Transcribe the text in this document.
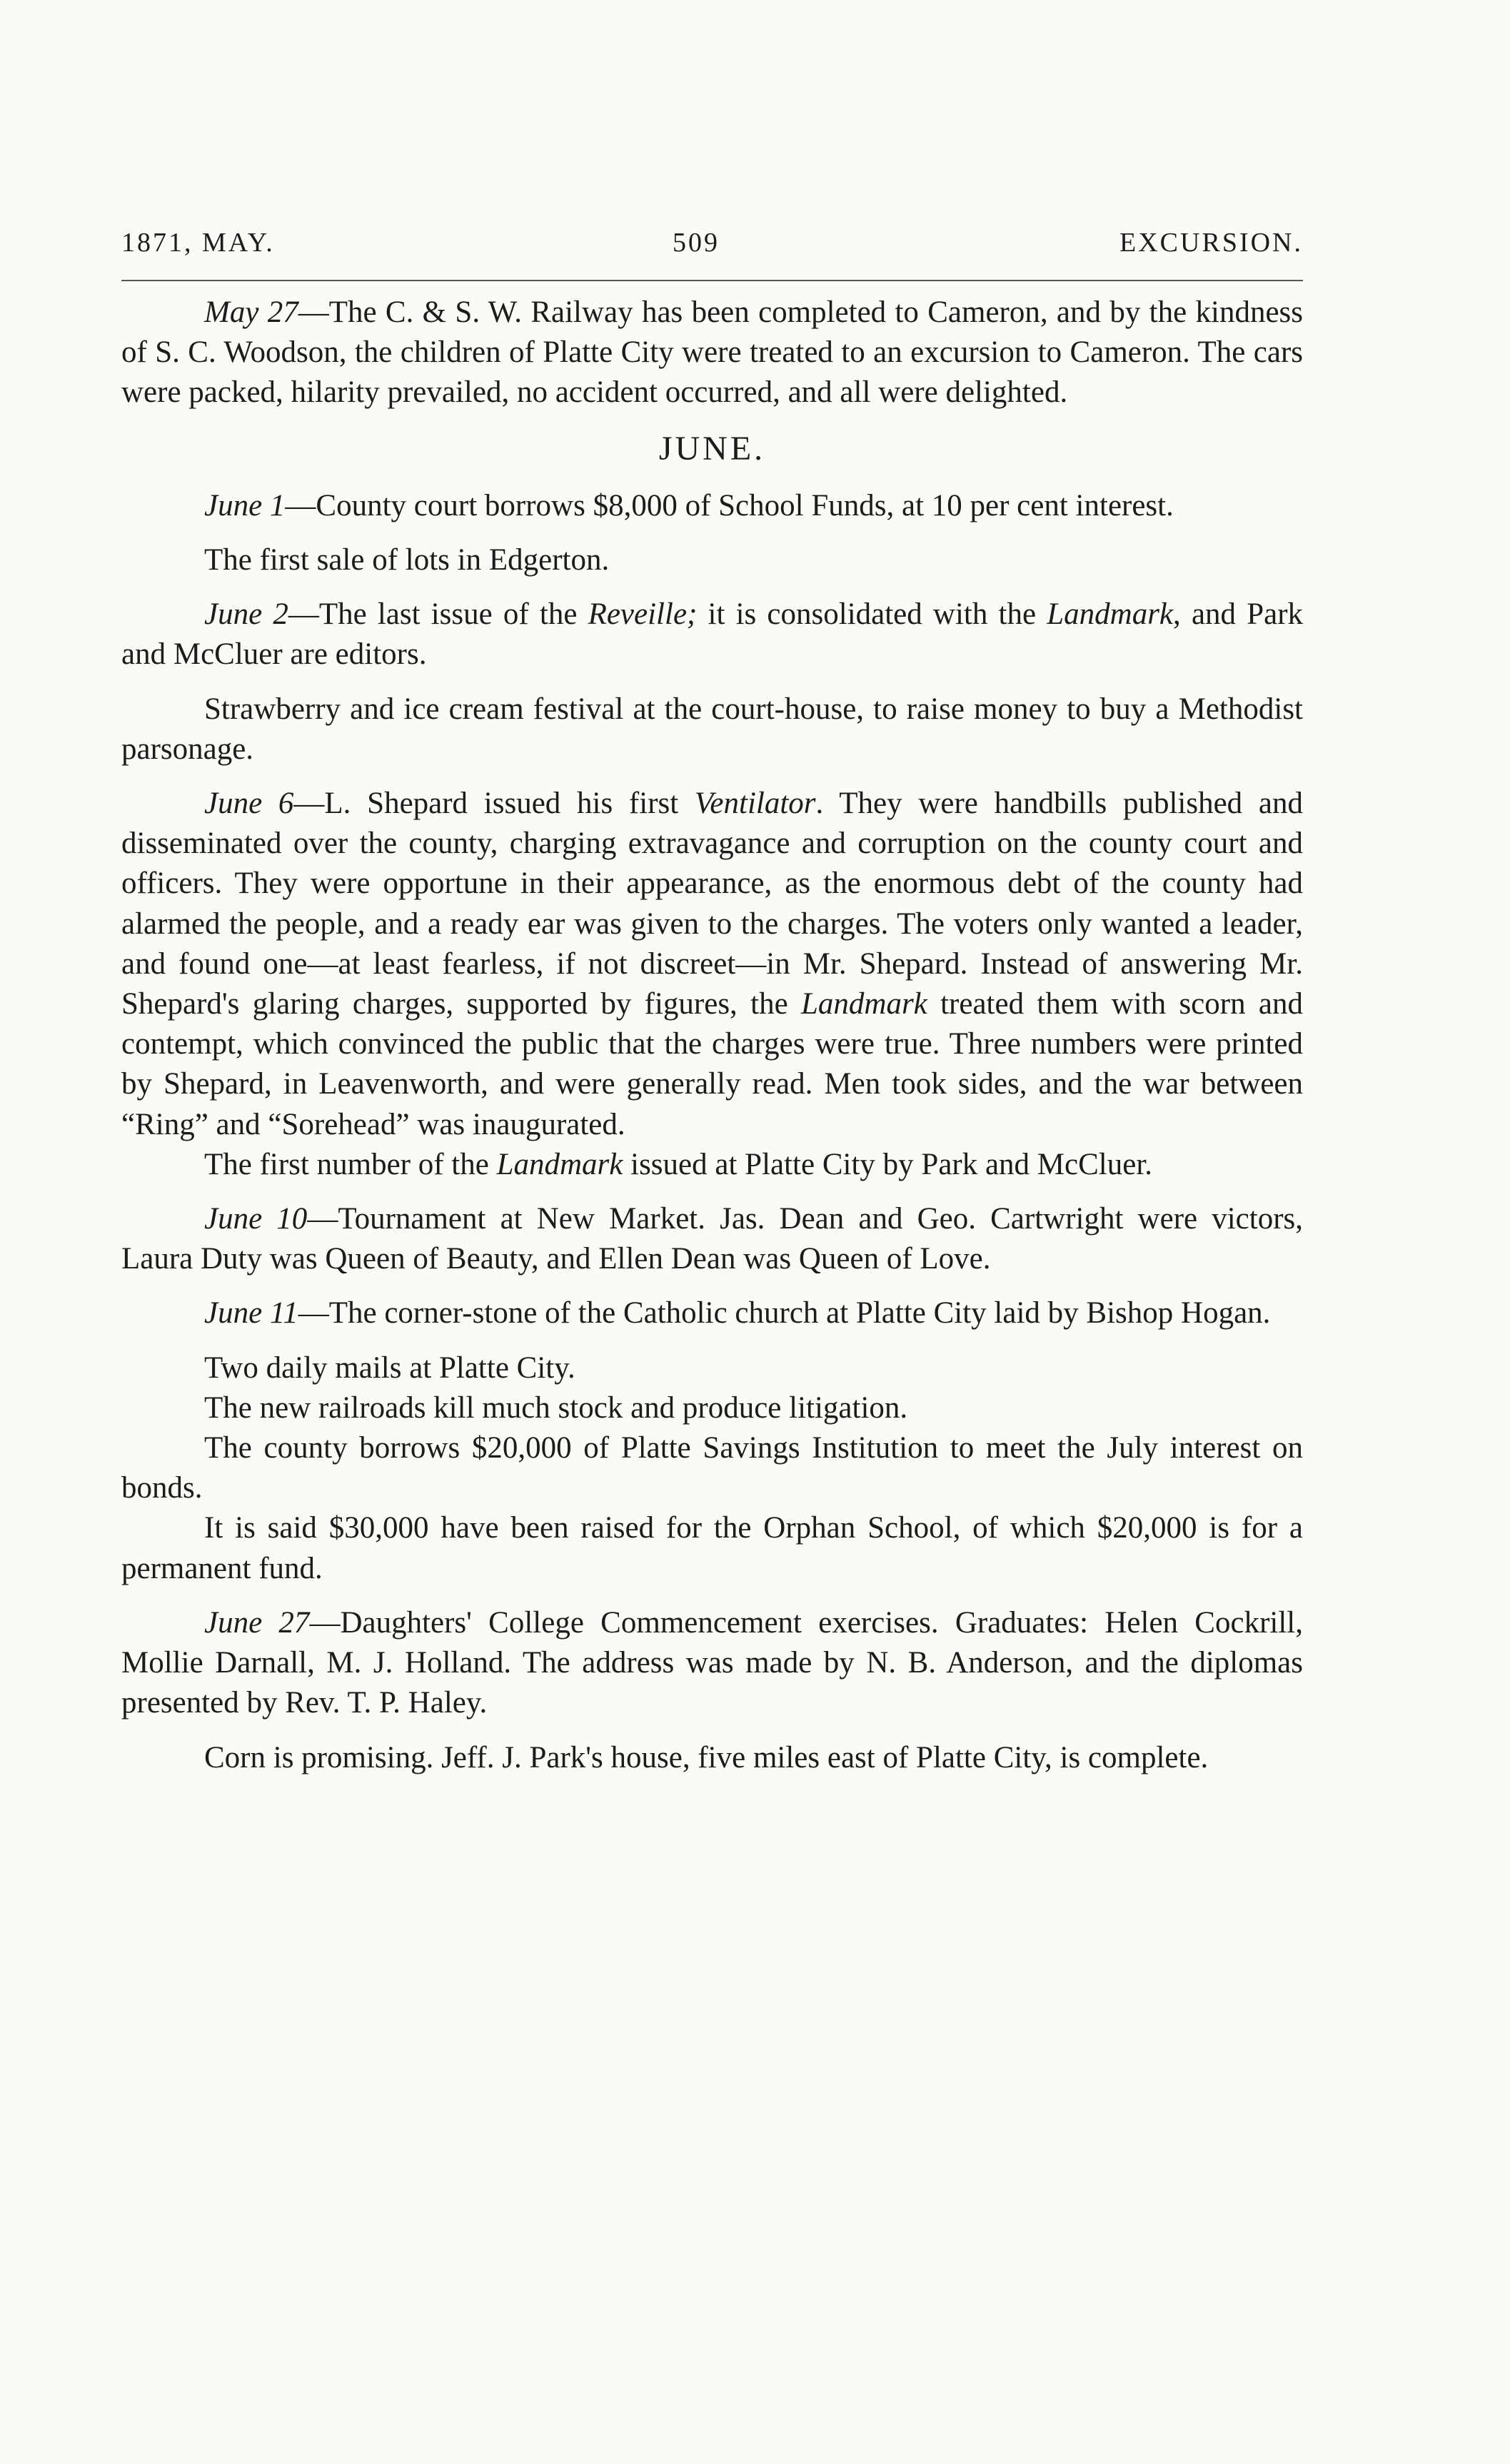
1871, MAY.	509	EXCURSION.

May 27—The C. & S. W. Railway has been completed to Cameron, and by the kindness of S. C. Woodson, the children of Platte City were treated to an excursion to Cameron. The cars were packed, hilarity prevailed, no accident occurred, and all were delighted.

JUNE.

June 1—County court borrows $8,000 of School Funds, at 10 per cent interest.

The first sale of lots in Edgerton.

June 2—The last issue of the Reveille; it is consolidated with the Landmark, and Park and McCluer are editors.

Strawberry and ice cream festival at the court-house, to raise money to buy a Methodist parsonage.

June 6—L. Shepard issued his first Ventilator. They were handbills published and disseminated over the county, charging extravagance and corruption on the county court and officers. They were opportune in their appearance, as the enormous debt of the county had alarmed the people, and a ready ear was given to the charges. The voters only wanted a leader, and found one—at least fearless, if not discreet—in Mr. Shepard. Instead of answering Mr. Shepard's glaring charges, supported by figures, the Landmark treated them with scorn and contempt, which convinced the public that the charges were true. Three numbers were printed by Shepard, in Leavenworth, and were generally read. Men took sides, and the war between “Ring” and “Sorehead” was inaugurated.

The first number of the Landmark issued at Platte City by Park and McCluer.

June 10—Tournament at New Market. Jas. Dean and Geo. Cartwright were victors, Laura Duty was Queen of Beauty, and Ellen Dean was Queen of Love.

June 11—The corner-stone of the Catholic church at Platte City laid by Bishop Hogan.

Two daily mails at Platte City.

The new railroads kill much stock and produce litigation.

The county borrows $20,000 of Platte Savings Institution to meet the July interest on bonds.

It is said $30,000 have been raised for the Orphan School, of which $20,000 is for a permanent fund.

June 27—Daughters' College Commencement exercises. Graduates: Helen Cockrill, Mollie Darnall, M. J. Holland. The address was made by N. B. Anderson, and the diplomas presented by Rev. T. P. Haley.

Corn is promising. Jeff. J. Park's house, five miles east of Platte City, is complete.
